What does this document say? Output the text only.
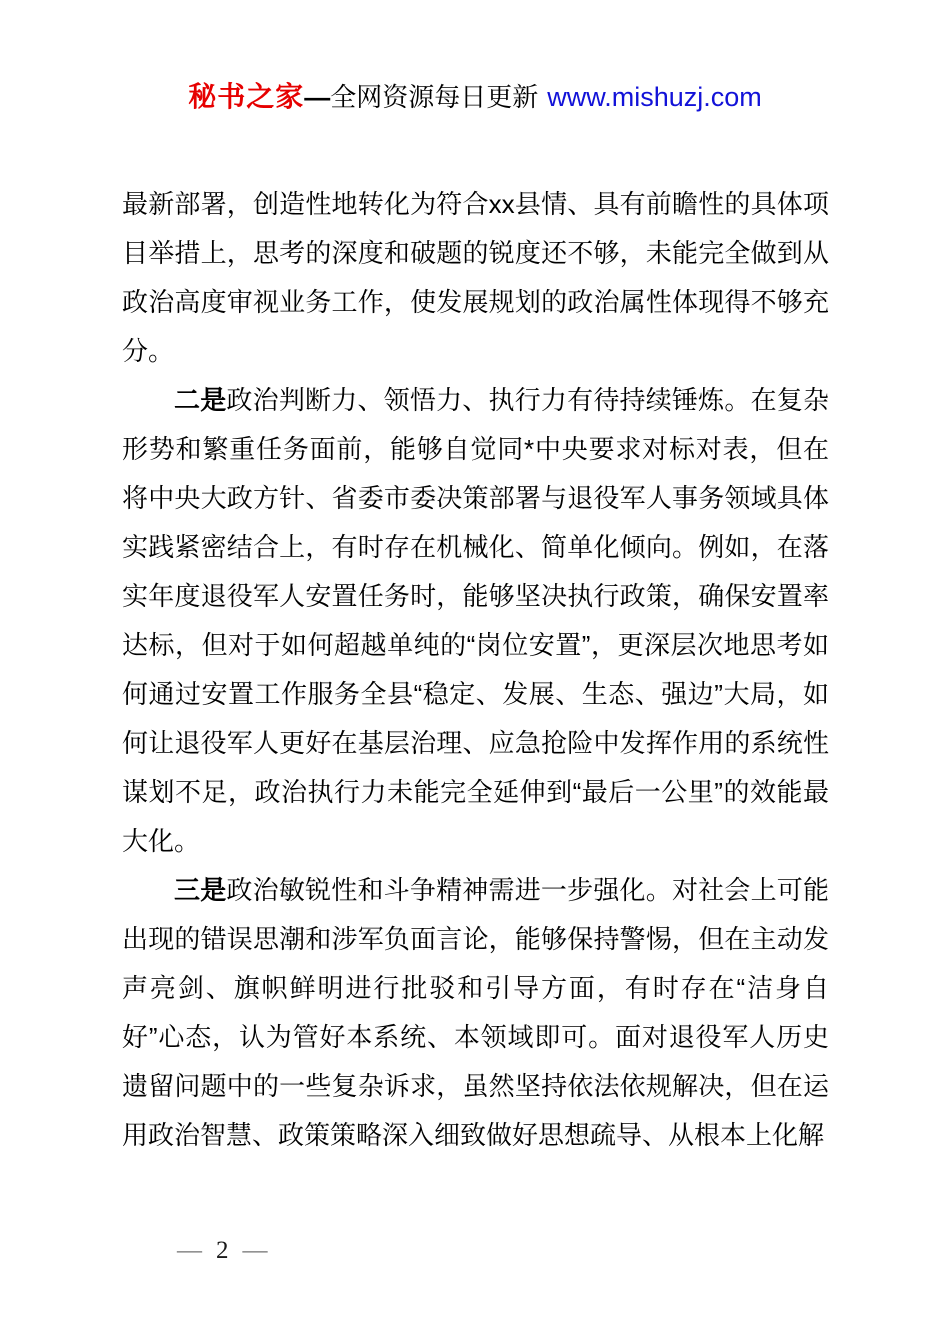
秘书之家—全网资源每日更新 www.mishuzj.com

最新部署，创造性地转化为符合xx县情、具有前瞻性的具体项目举措上，思考的深度和破题的锐度还不够，未能完全做到从政治高度审视业务工作，使发展规划的政治属性体现得不够充分。

二是政治判断力、领悟力、执行力有待持续锤炼。在复杂形势和繁重任务面前，能够自觉同*中央要求对标对表，但在将中央大政方针、省委市委决策部署与退役军人事务领域具体实践紧密结合上，有时存在机械化、简单化倾向。例如，在落实年度退役军人安置任务时，能够坚决执行政策，确保安置率达标，但对于如何超越单纯的“岗位安置”，更深层次地思考如何通过安置工作服务全县“稳定、发展、生态、强边”大局，如何让退役军人更好在基层治理、应急抢险中发挥作用的系统性谋划不足，政治执行力未能完全延伸到“最后一公里”的效能最大化。

三是政治敏锐性和斗争精神需进一步强化。对社会上可能出现的错误思潮和涉军负面言论，能够保持警惕，但在主动发声亮剑、旗帜鲜明进行批驳和引导方面，有时存在“洁身自好”心态，认为管好本系统、本领域即可。面对退役军人历史遗留问题中的一些复杂诉求，虽然坚持依法依规解决，但在运用政治智慧、政策策略深入细致做好思想疏导、从根本上化解

— 2 —
